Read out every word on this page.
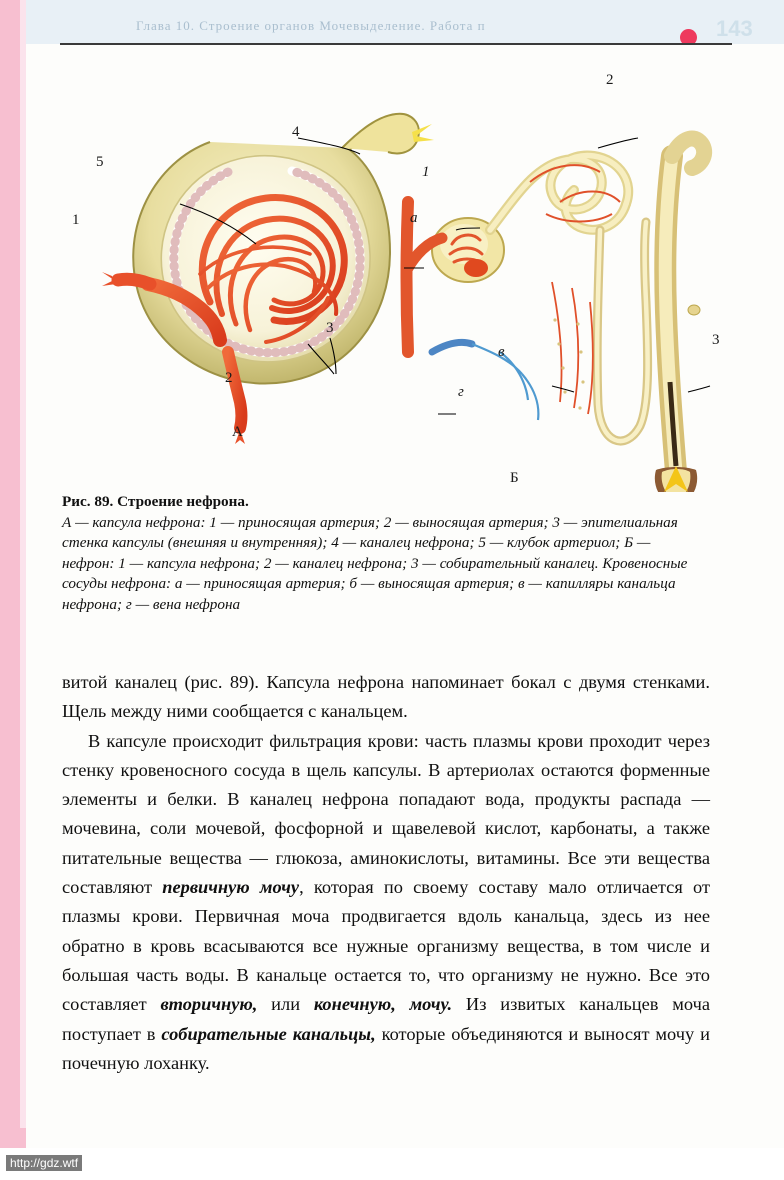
Глава 10. Строение органов Мочевыделение. Работа п	143
4
5
1
2
3
А
2
1
а
в
г
3
Б
Рис. 89. Строение нефрона.
А — капсула нефрона: 1 — приносящая артерия; 2 — выносящая артерия; 3 — эпителиальная стенка капсулы (внешняя и внутренняя); 4 — каналец нефрона; 5 — клубок артериол; Б — нефрон: 1 — капсула нефрона; 2 — каналец нефрона; 3 — собирательный каналец. Кровеносные сосуды нефрона: а — приносящая артерия; б — выносящая артерия; в — капилляры канальца нефрона; г — вена нефрона

витой каналец (рис. 89). Капсула нефрона напоминает бокал с двумя стенками. Щель между ними сообщается с канальцем.

В капсуле происходит фильтрация крови: часть плазмы крови проходит через стенку кровеносного сосуда в щель капсулы. В артериолах остаются форменные элементы и белки. В каналец нефрона попадают вода, продукты распада — мочевина, соли мочевой, фосфорной и щавелевой кислот, карбонаты, а также питательные вещества — глюкоза, аминокислоты, витамины. Все эти вещества составляют первичную мочу, которая по своему составу мало отличается от плазмы крови. Первичная моча продвигается вдоль канальца, здесь из нее обратно в кровь всасываются все нужные организму вещества, в том числе и большая часть воды. В канальце остается то, что организму не нужно. Все это составляет вторичную, или конечную, мочу. Из извитых канальцев моча поступает в собирательные канальцы, которые объединяются и выносят мочу и почечную лоханку.

http://gdz.wtf
